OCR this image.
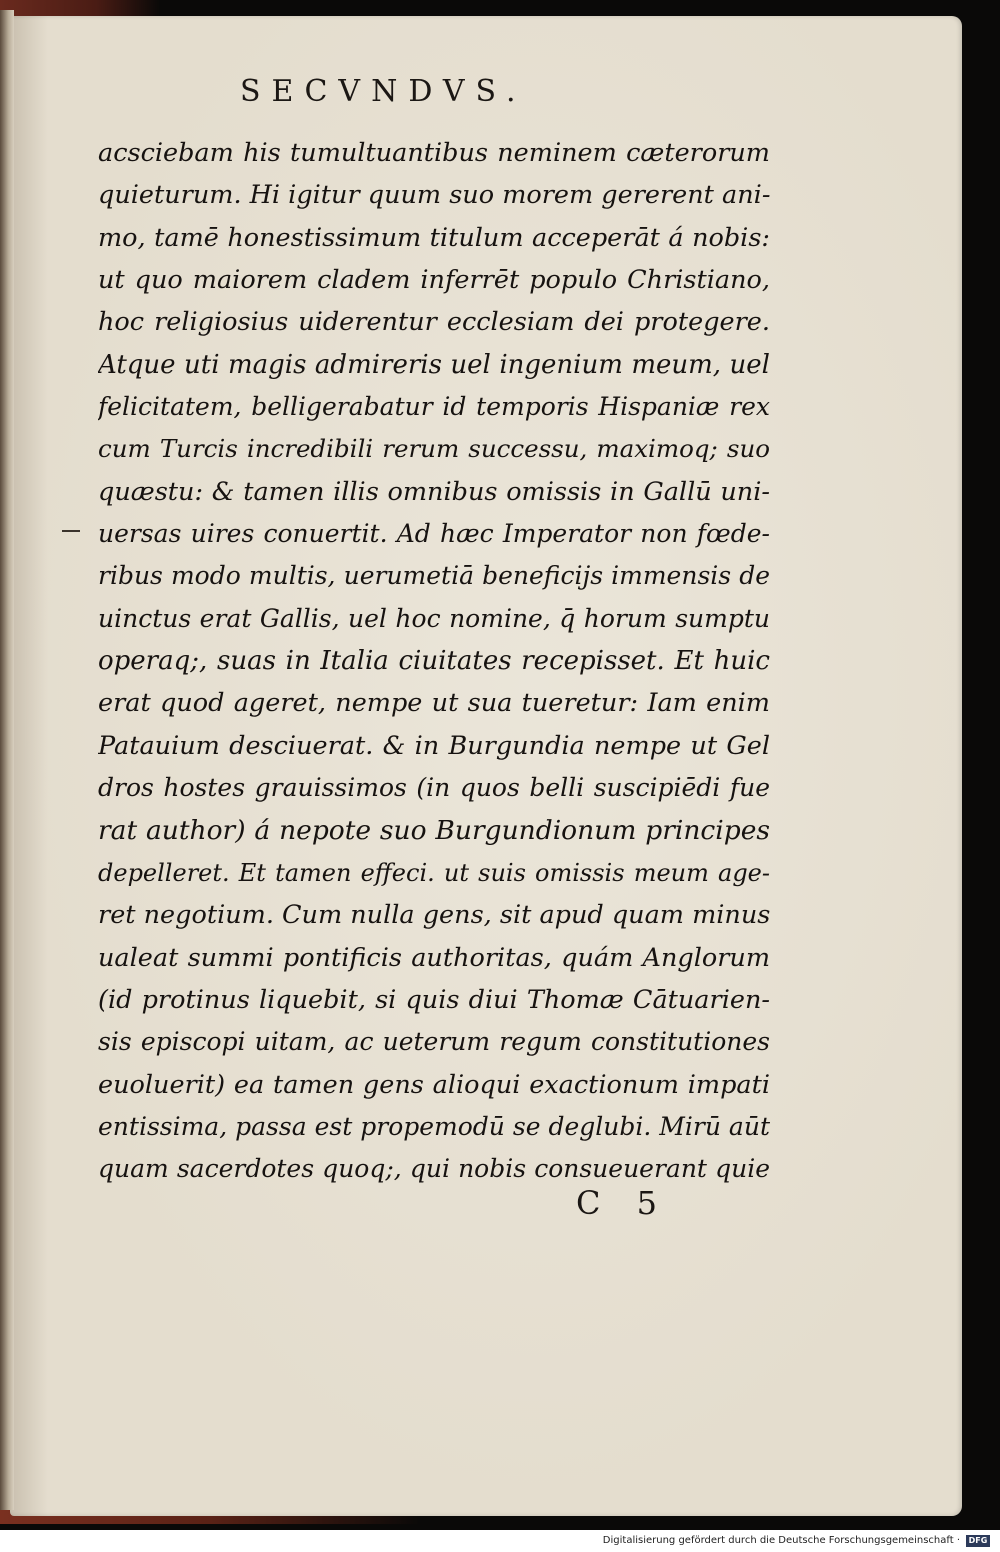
SECVNDVS.
acsciebam his tumultuantibus neminem cæterorum
quieturum. Hi igitur quum suo morem gererent ani-
mo, tamē honestissimum titulum acceperāt á nobis:
ut quo maiorem cladem inferrēt populo Christiano,
hoc religiosius uiderentur ecclesiam dei protegere.
Atque uti magis admireris uel ingenium meum, uel
felicitatem, belligerabatur id temporis Hispaniæ rex
cum Turcis incredibili rerum successu, maximoq; suo
quæstu: & tamen illis omnibus omissis in Gallū uni-
uersas uires conuertit. Ad hæc Imperator non fœde-
ribus modo multis, uerumetiā beneficijs immensis de
uinctus erat Gallis, uel hoc nomine, q̄ horum sumptu
operaq;, suas in Italia ciuitates recepisset. Et huic
erat quod ageret, nempe ut sua tueretur: Iam enim
Patauium desciuerat. & in Burgundia nempe ut Gel
dros hostes grauissimos (in quos belli suscipiēdi fue
rat author) á nepote suo Burgundionum principes
depelleret. Et tamen effeci. ut suis omissis meum age-
ret negotium. Cum nulla gens, sit apud quam minus
ualeat summi pontificis authoritas, quám Anglorum
(id protinus liquebit, si quis diui Thomæ Cātuarien-
sis episcopi uitam, ac ueterum regum constitutiones
euoluerit) ea tamen gens alioqui exactionum impati
entissima, passa est propemodū se deglubi. Mirū aūt
quam sacerdotes quoq;, qui nobis consueuerant quie
C 5
Digitalisierung gefördert durch die Deutsche Forschungsgemeinschaft ·	DFG
